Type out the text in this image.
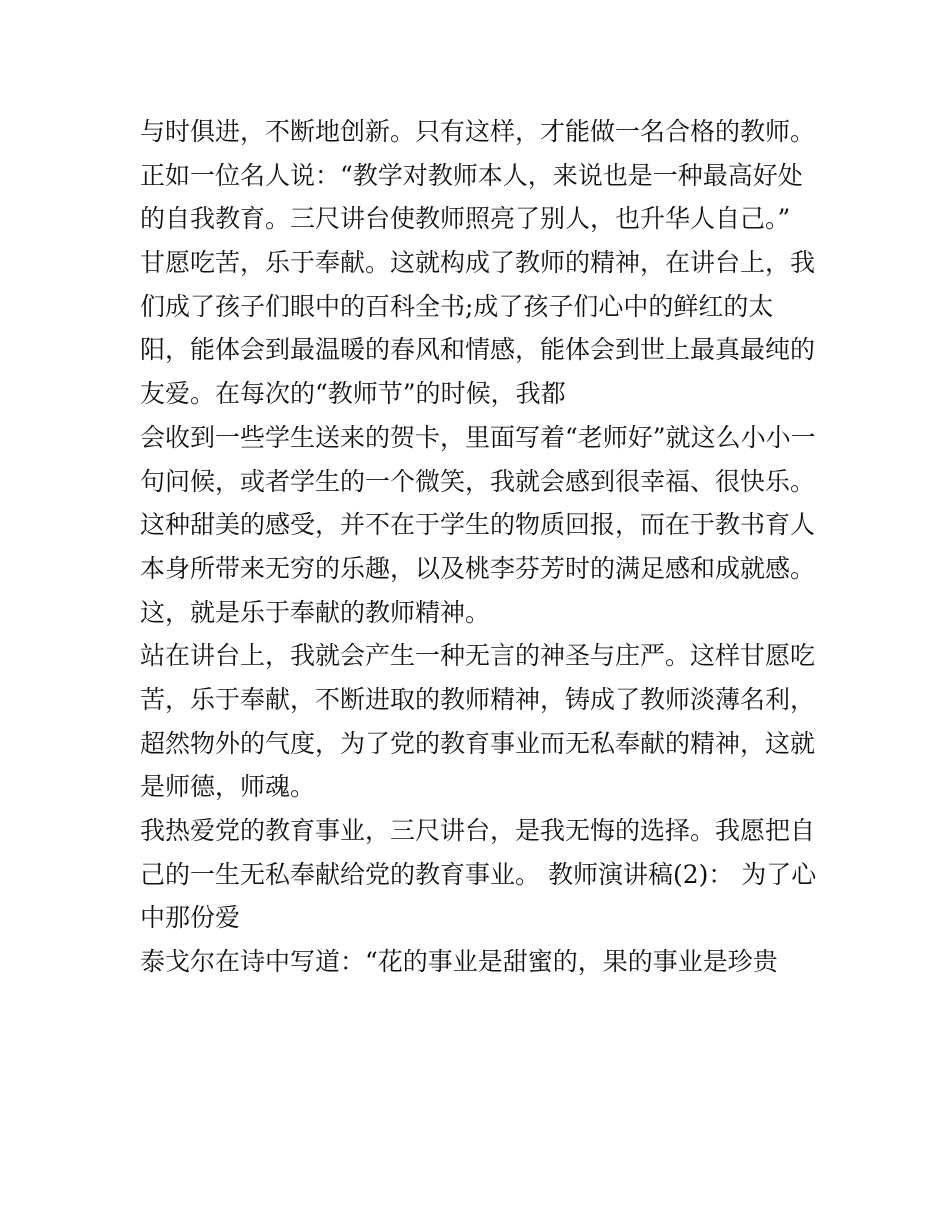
与时俱进，不断地创新。只有这样，才能做一名合格的教师。
正如一位名人说：“教学对教师本人，来说也是一种最高好处
的自我教育。三尺讲台使教师照亮了别人，也升华人自己。”
甘愿吃苦，乐于奉献。这就构成了教师的精神，在讲台上，我
们成了孩子们眼中的百科全书;成了孩子们心中的鲜红的太
阳，能体会到最温暖的春风和情感，能体会到世上最真最纯的
友爱。在每次的“教师节”的时候，我都
会收到一些学生送来的贺卡，里面写着“老师好”就这么小小一
句问候，或者学生的一个微笑，我就会感到很幸福、很快乐。
这种甜美的感受，并不在于学生的物质回报，而在于教书育人
本身所带来无穷的乐趣，以及桃李芬芳时的满足感和成就感。
这，就是乐于奉献的教师精神。
站在讲台上，我就会产生一种无言的神圣与庄严。这样甘愿吃
苦，乐于奉献，不断进取的教师精神，铸成了教师淡薄名利，
超然物外的气度，为了党的教育事业而无私奉献的精神，这就
是师德，师魂。
我热爱党的教育事业，三尺讲台，是我无悔的选择。我愿把自
己的一生无私奉献给党的教育事业。 教师演讲稿(2)： 为了心
中那份爱
泰戈尔在诗中写道：“花的事业是甜蜜的，果的事业是珍贵
